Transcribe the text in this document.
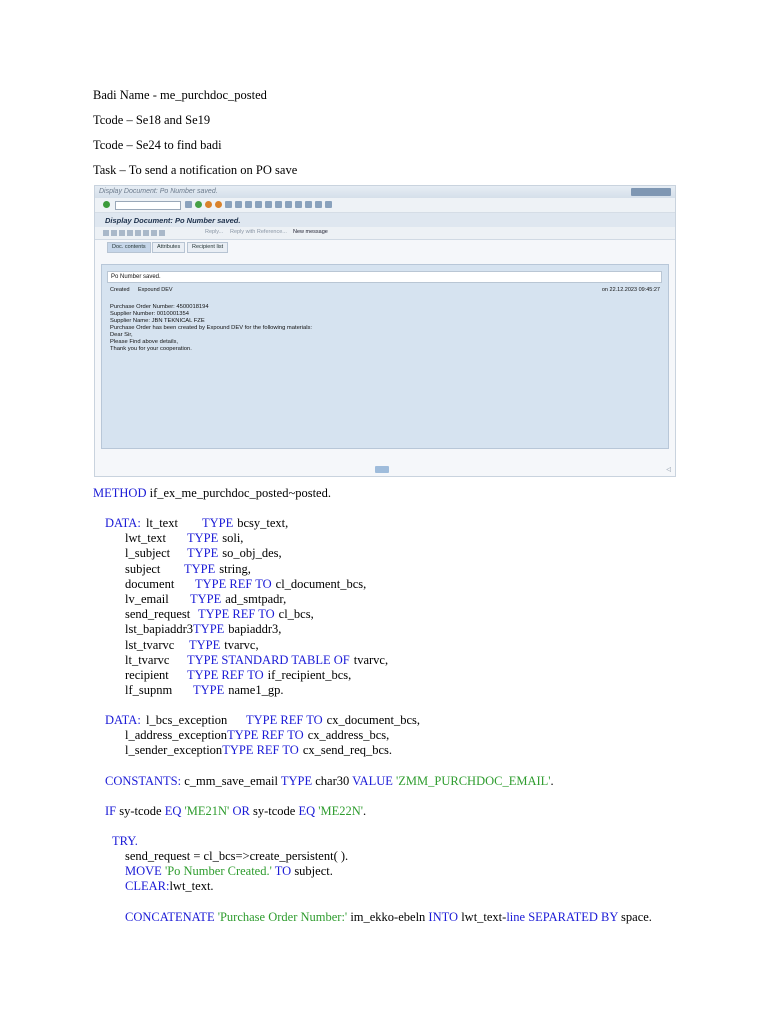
Badi Name - me_purchdoc_posted
Tcode – Se18 and Se19
Tcode – Se24 to find badi
Task – To send a notification on PO save
Display Document: Po Number saved.
Display Document: Po Number saved.
Reply... Reply with Reference... New message
Doc. contents	Attributes	Recipient list
Po Number saved.
Created Expound DEV	on 22.12.2023 09:45:27
Purchase Order Number: 4500018194
Supplier Number: 0010001354
Supplier Name: JBN TEKNICAL FZE
Purchase Order has been created by Expound DEV for the following materials:
Dear Sir,
Please Find above details,
Thank you for your cooperation.
◁
METHOD if_ex_me_purchdoc_posted~posted.
DATA: lt_text TYPE bcsy_text,
lwt_text TYPE soli,
l_subject TYPE so_obj_des,
subject TYPE string,
document TYPE REF TO cl_document_bcs,
lv_email TYPE ad_smtpadr,
send_request TYPE REF TO cl_bcs,
lst_bapiaddr3TYPE bapiaddr3,
lst_tvarvc TYPE tvarvc,
lt_tvarvc TYPE STANDARD TABLE OF tvarvc,
recipient TYPE REF TO if_recipient_bcs,
lf_supnm TYPE name1_gp.
DATA: l_bcs_exception TYPE REF TO cx_document_bcs,
l_address_exceptionTYPE REF TO cx_address_bcs,
l_sender_exceptionTYPE REF TO cx_send_req_bcs.
CONSTANTS: c_mm_save_email TYPE char30 VALUE 'ZMM_PURCHDOC_EMAIL'.
IF sy-tcode EQ 'ME21N' OR sy-tcode EQ 'ME22N'.
TRY.
send_request = cl_bcs=>create_persistent( ).
MOVE 'Po Number Created.' TO subject.
CLEAR:lwt_text.
CONCATENATE 'Purchase Order Number:' im_ekko-ebeln INTO lwt_text-line SEPARATED BY space.
